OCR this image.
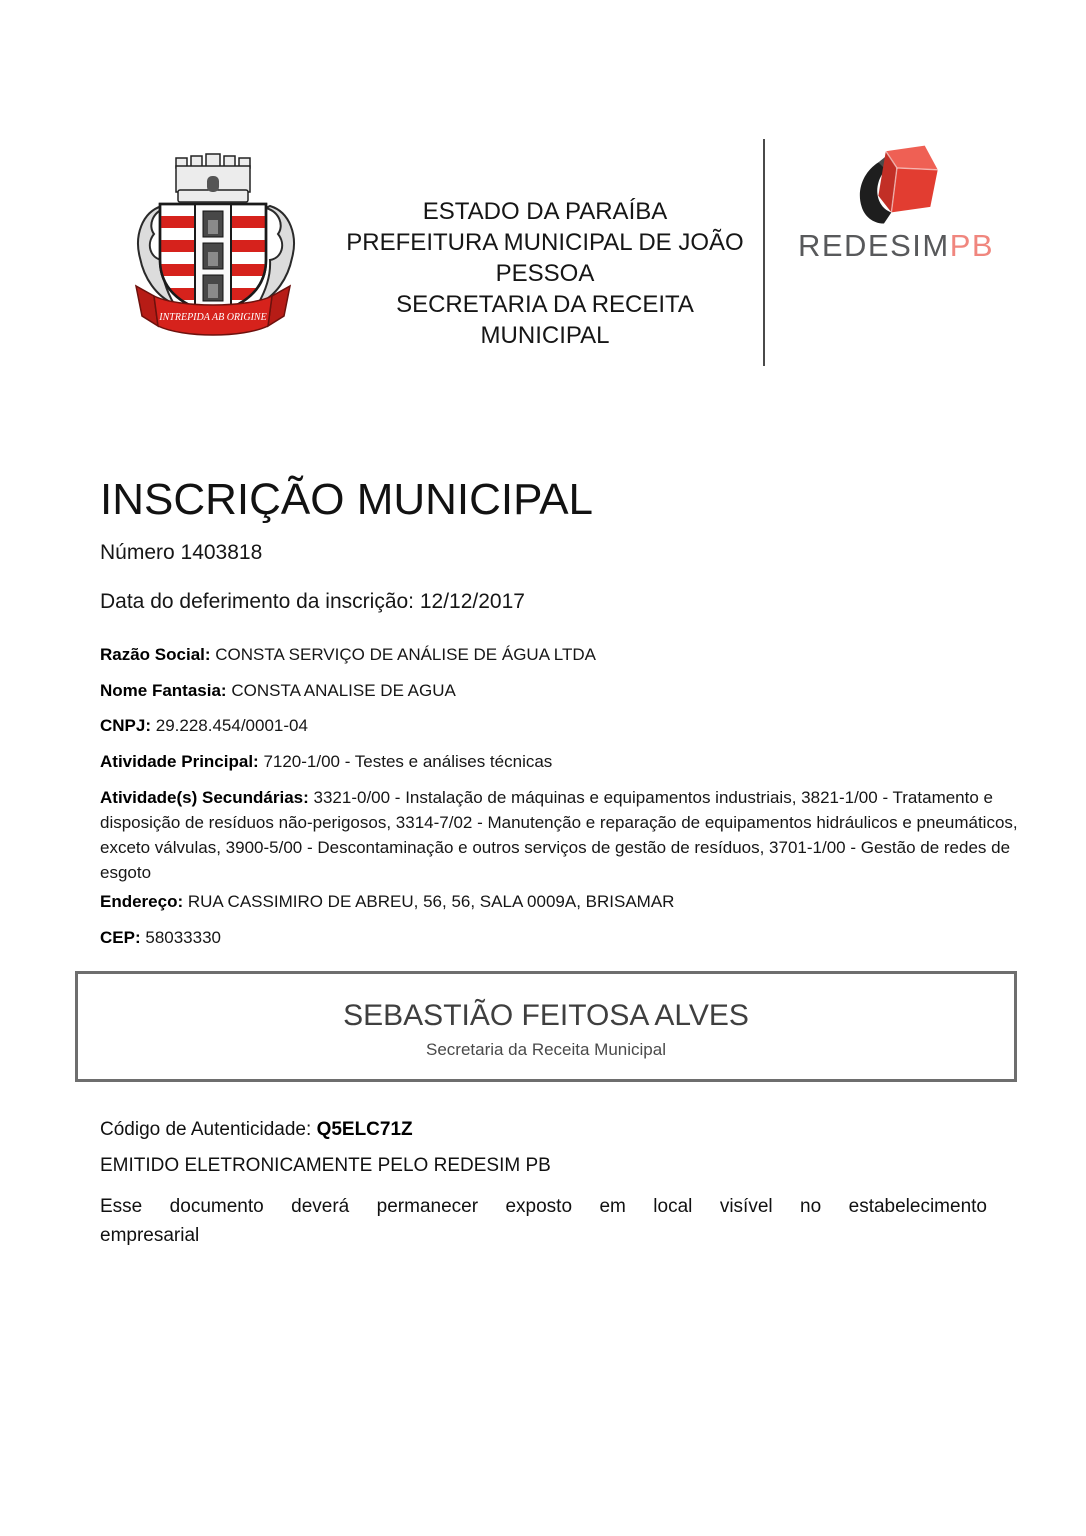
INTREPIDA AB ORIGINE
ESTADO DA PARAÍBA
PREFEITURA MUNICIPAL DE JOÃO
PESSOA
SECRETARIA DA RECEITA
MUNICIPAL
REDESIMPB
INSCRIÇÃO MUNICIPAL

Número 1403818

Data do deferimento da inscrição: 12/12/2017

Razão Social: CONSTA SERVIÇO DE ANÁLISE DE ÁGUA LTDA

Nome Fantasia: CONSTA ANALISE DE AGUA

CNPJ: 29.228.454/0001-04

Atividade Principal: 7120-1/00 - Testes e análises técnicas

Atividade(s) Secundárias: 3321-0/00 - Instalação de máquinas e equipamentos industriais, 3821-1/00 - Tratamento e disposição de resíduos não-perigosos, 3314-7/02 - Manutenção e reparação de equipamentos hidráulicos e pneumáticos, exceto válvulas, 3900-5/00 - Descontaminação e outros serviços de gestão de resíduos, 3701-1/00 - Gestão de redes de esgoto

Endereço: RUA CASSIMIRO DE ABREU, 56, 56, SALA 0009A, BRISAMAR

CEP: 58033330

SEBASTIÃO FEITOSA ALVES
Secretaria da Receita Municipal

Código de Autenticidade: Q5ELC71Z

EMITIDO ELETRONICAMENTE PELO REDESIM PB

Esse documento deverá permanecer exposto em local visível no estabelecimento
empresarial
